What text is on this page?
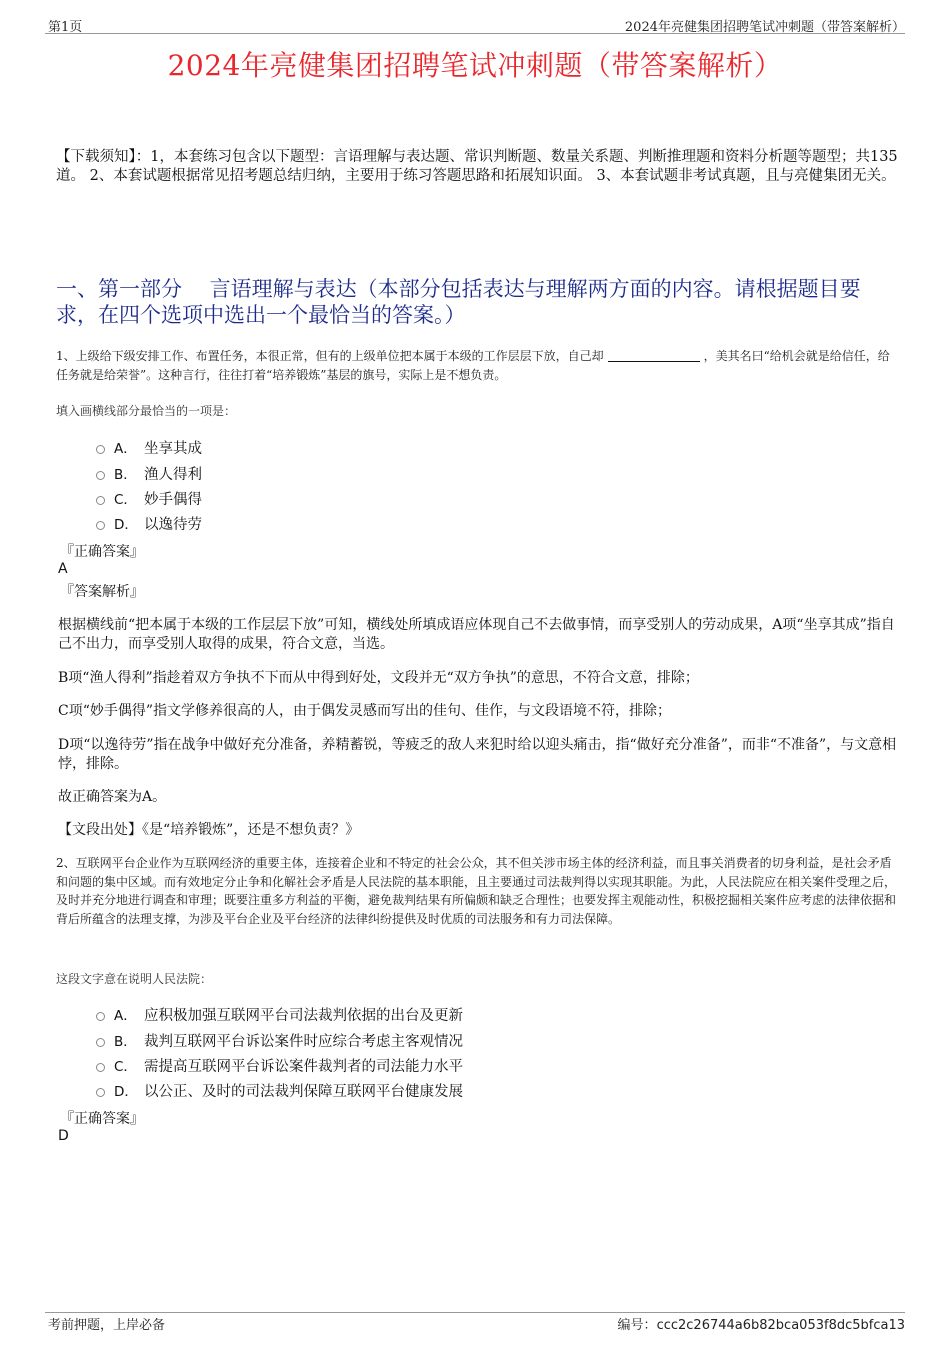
第1页	2024年亮健集团招聘笔试冲刺题（带答案解析）
2024年亮健集团招聘笔试冲刺题（带答案解析）
【下载须知】：1，本套练习包含以下题型：言语理解与表达题、常识判断题、数量关系题、判断推理题和资料分析题等题型；共135道。 2、本套试题根据常见招考题总结归纳，主要用于练习答题思路和拓展知识面。 3、本套试题非考试真题，且与亮健集团无关。
一、第一部分　 言语理解与表达（本部分包括表达与理解两方面的内容。请根据题目要求，在四个选项中选出一个最恰当的答案。）
1、上级给下级安排工作、布置任务，本很正常，但有的上级单位把本属于本级的工作层层下放，自己却	，美其名曰“给机会就是给信任，给任务就是给荣誉”。这种言行，往往打着“培养锻炼”基层的旗号，实际上是不想负责。
填入画横线部分最恰当的一项是：
A． 坐享其成
B． 渔人得利
C． 妙手偶得
D． 以逸待劳
『正确答案』
A
『答案解析』
根据横线前“把本属于本级的工作层层下放”可知，横线处所填成语应体现自己不去做事情，而享受别人的劳动成果，A项“坐享其成”指自己不出力，而享受别人取得的成果，符合文意，当选。
B项“渔人得利”指趁着双方争执不下而从中得到好处，文段并无“双方争执”的意思，不符合文意，排除；
C项“妙手偶得”指文学修养很高的人，由于偶发灵感而写出的佳句、佳作，与文段语境不符，排除；
D项“以逸待劳”指在战争中做好充分准备，养精蓄锐，等疲乏的敌人来犯时给以迎头痛击，指“做好充分准备”，而非“不准备”，与文意相悖，排除。
故正确答案为A。
【文段出处】《是“培养锻炼”，还是不想负责？》
2、互联网平台企业作为互联网经济的重要主体，连接着企业和不特定的社会公众，其不但关涉市场主体的经济利益，而且事关消费者的切身利益，是社会矛盾和问题的集中区域。而有效地定分止争和化解社会矛盾是人民法院的基本职能，且主要通过司法裁判得以实现其职能。为此，人民法院应在相关案件受理之后，及时并充分地进行调查和审理；既要注重多方利益的平衡，避免裁判结果有所偏颇和缺乏合理性；也要发挥主观能动性，积极挖掘相关案件应考虑的法律依据和背后所蕴含的法理支撑，为涉及平台企业及平台经济的法律纠纷提供及时优质的司法服务和有力司法保障。
这段文字意在说明人民法院：
A． 应积极加强互联网平台司法裁判依据的出台及更新
B． 裁判互联网平台诉讼案件时应综合考虑主客观情况
C． 需提高互联网平台诉讼案件裁判者的司法能力水平
D． 以公正、及时的司法裁判保障互联网平台健康发展
『正确答案』
D
考前押题，上岸必备	编号：ccc2c26744a6b82bca053f8dc5bfca13
